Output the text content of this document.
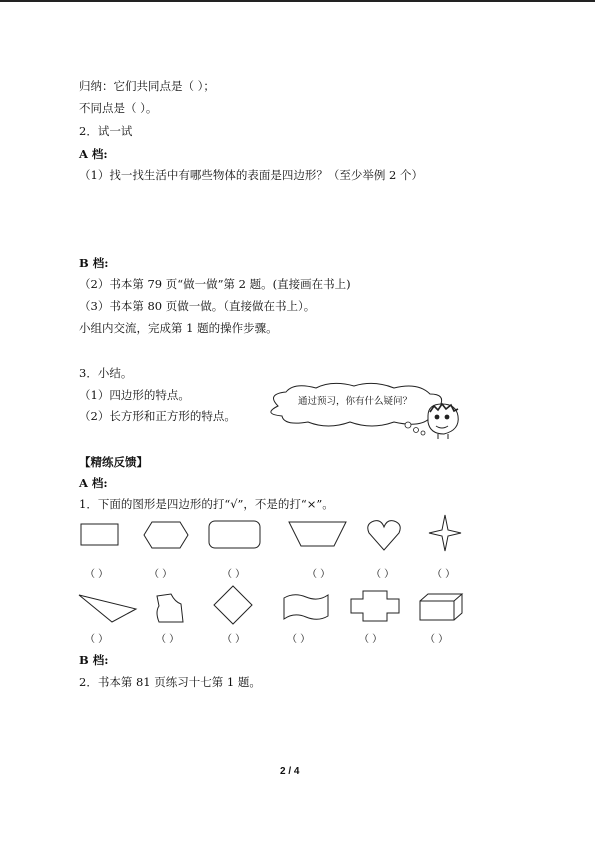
归纳：它们共同点是（ ）；
不同点是（ ）。
2．试一试
A 档:
（1）找一找生活中有哪些物体的表面是四边形？（至少举例 2 个）
B 档:
（2）书本第 79 页“做一做”第 2 题。(直接画在书上)
（3）书本第 80 页做一做。（直接做在书上）。
小组内交流，完成第 1 题的操作步骤。
3．小结。
（1）四边形的特点。
（2）长方形和正方形的特点。
通过预习，你有什么疑问？
【精练反馈】
A 档:
1．下面的图形是四边形的打“√”，不是的打“×”。
（ ）	（ ）	（ ）	（ ）	（ ）	（ ）
（ ）	（ ）	（ ）	（ ）	（ ）	（ ）
B 档:
2．书本第 81 页练习十七第 1 题。
2 / 4
